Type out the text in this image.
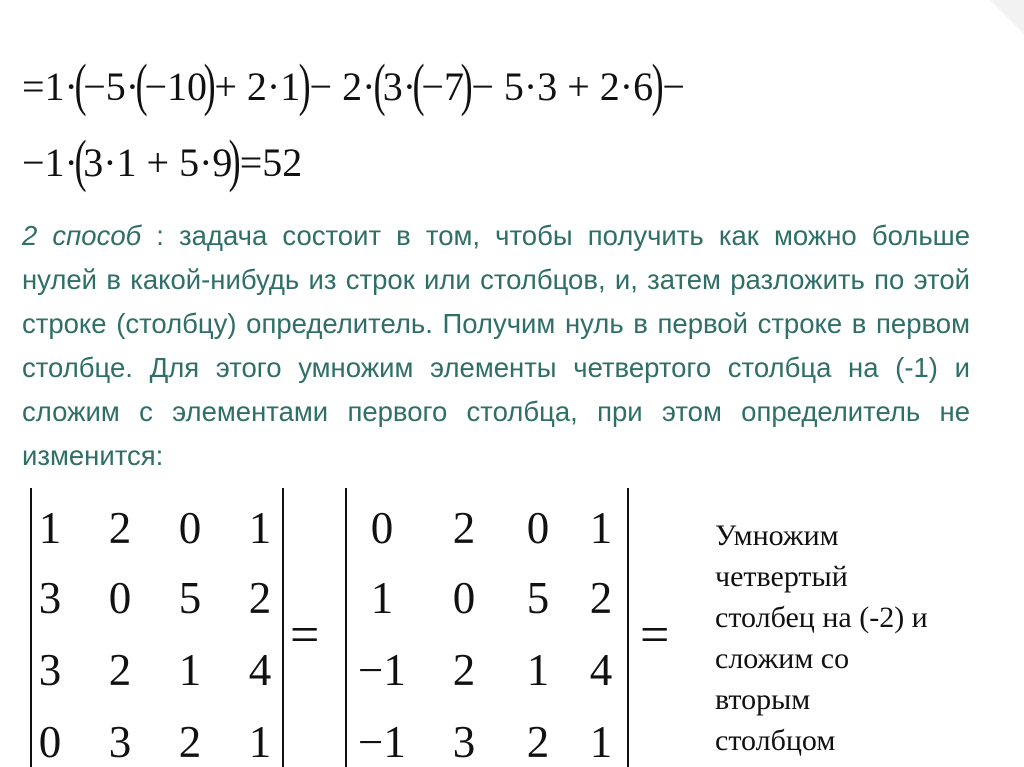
=1·
(
−5·
(
−10
)
+ 2·1
)
− 2·
(
3·
(
−7
)
− 5·3 + 2·6
)
−
−1·
(
3·1 + 5·9
)
=52

2 способ : задача состоит в том, чтобы получить как можно больше нулей в какой-нибудь из строк или столбцов, и, затем разложить по этой строке (столбцу) определитель. Получим нуль в первой строке в первом столбце. Для этого умножим элементы четвертого столбца на (-1) и сложим с элементами первого столбца, при этом определитель не изменится:

1 2 0 1
3 0 5 2
3 2 1 4
0 3 2 1
=
0	2	0 1
1	0	5 2
−1	2	1 4
−1	3	2 1
=
Умножим
четвертый
столбец на (-2) и
сложим со
вторым
столбцом
